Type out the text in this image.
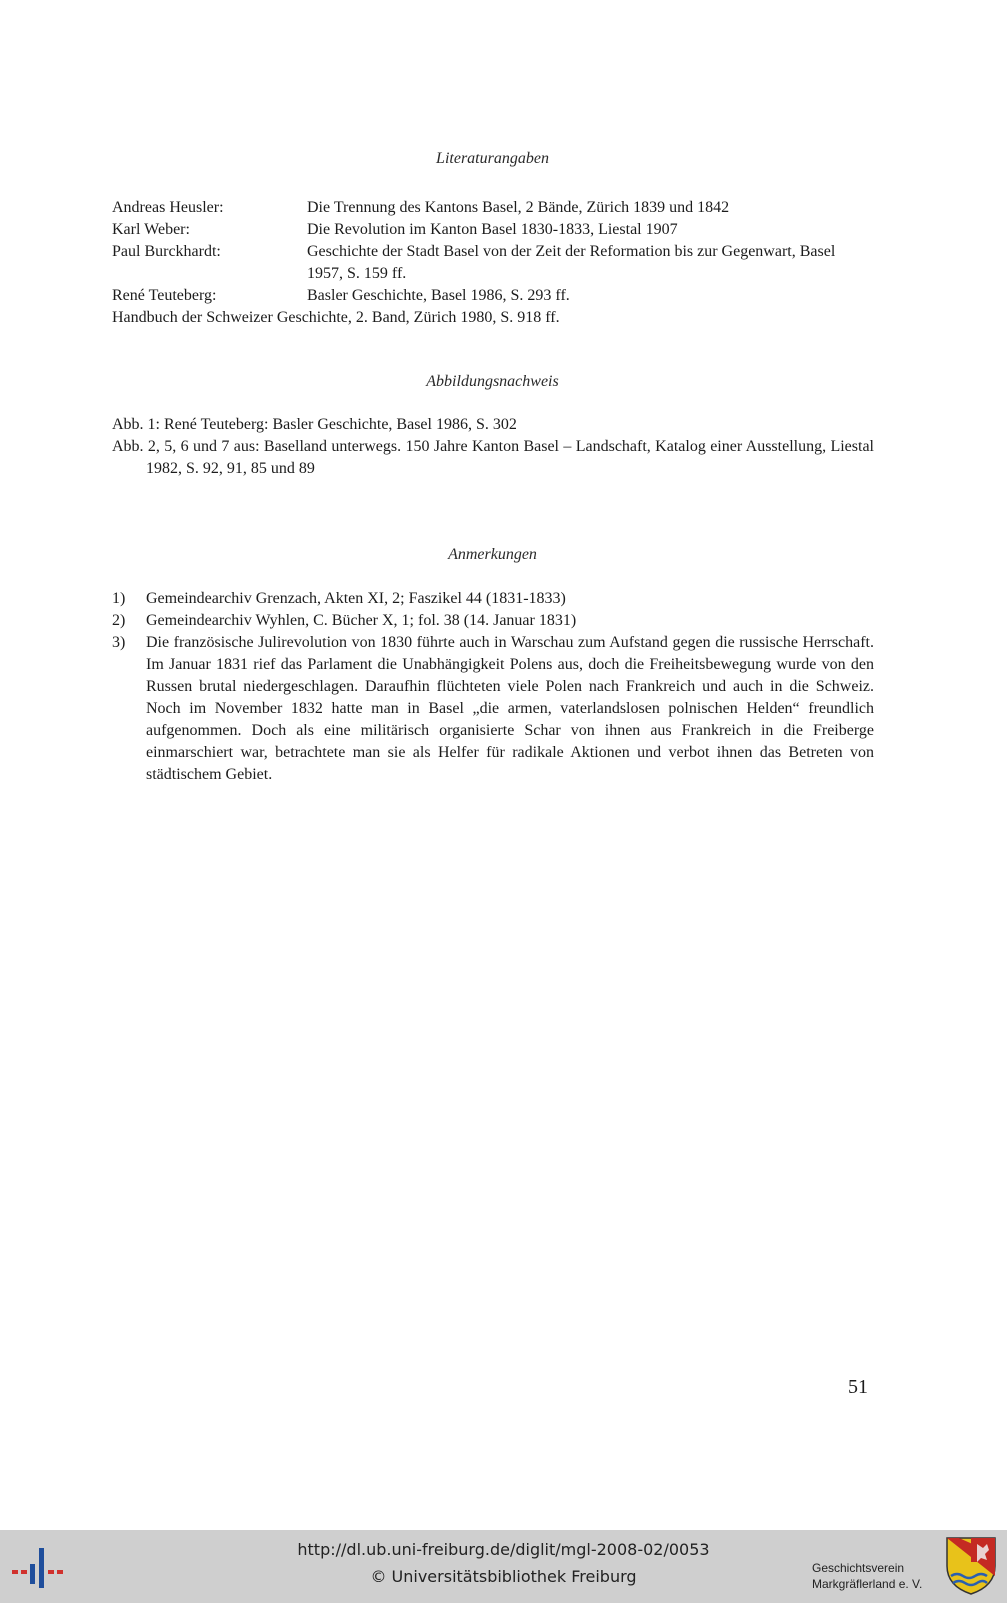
Literaturangaben
Andreas Heusler:	Die Trennung des Kantons Basel, 2 Bände, Zürich 1839 und 1842
Karl Weber:	Die Revolution im Kanton Basel 1830-1833, Liestal 1907
Paul Burckhardt:	Geschichte der Stadt Basel von der Zeit der Reformation bis zur Gegenwart, Basel 1957, S. 159 ff.
René Teuteberg:	Basler Geschichte, Basel 1986, S. 293 ff.
Handbuch der Schweizer Geschichte, 2. Band, Zürich 1980, S. 918 ff.
Abbildungsnachweis
Abb. 1: René Teuteberg: Basler Geschichte, Basel 1986, S. 302
Abb. 2, 5, 6 und 7 aus: Baselland unterwegs. 150 Jahre Kanton Basel – Landschaft, Katalog einer Ausstellung, Liestal 1982, S. 92, 91, 85 und 89
Anmerkungen
1)	Gemeindearchiv Grenzach, Akten XI, 2; Faszikel 44 (1831-1833)
2)	Gemeindearchiv Wyhlen, C. Bücher X, 1; fol. 38 (14. Januar 1831)
3)	Die französische Julirevolution von 1830 führte auch in Warschau zum Aufstand gegen die russische Herrschaft. Im Januar 1831 rief das Parlament die Unabhängigkeit Polens aus, doch die Freiheitsbewegung wurde von den Russen brutal niedergeschlagen. Daraufhin flüchteten viele Polen nach Frankreich und auch in die Schweiz. Noch im November 1832 hatte man in Basel „die armen, vaterlandslosen polnischen Helden“ freundlich aufgenommen. Doch als eine militärisch organisierte Schar von ihnen aus Frankreich in die Freiberge einmarschiert war, betrachtete man sie als Helfer für radikale Aktionen und verbot ihnen das Betreten von städtischem Gebiet.
51
http://dl.ub.uni-freiburg.de/diglit/mgl-2008-02/0053
© Universitätsbibliothek Freiburg	Geschichtsverein
Markgräflerland e. V.
